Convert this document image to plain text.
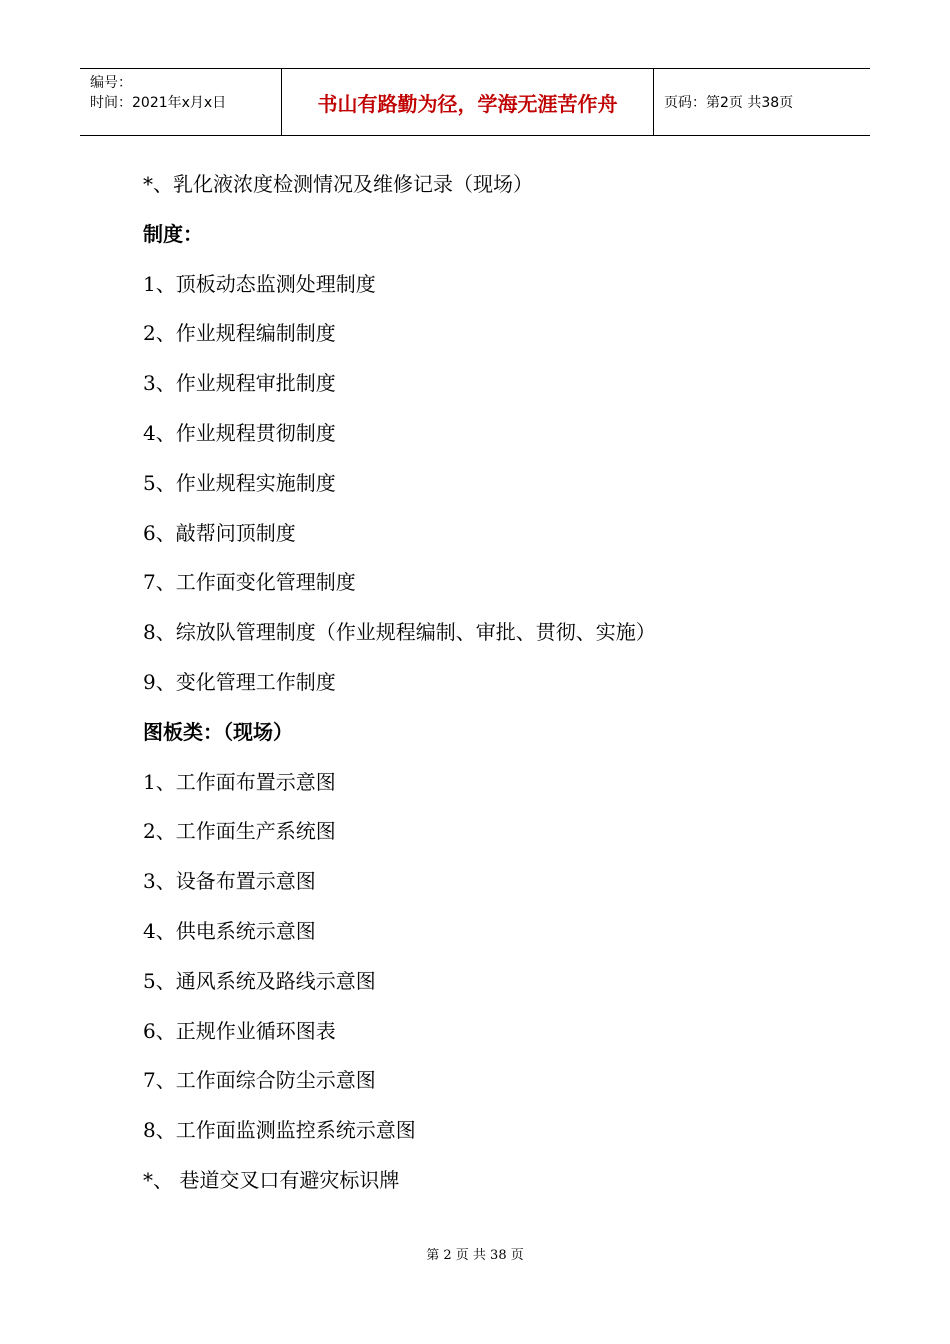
编号：
时间：2021年x月x日	书山有路勤为径，学海无涯苦作舟	页码：第2页 共38页
*、乳化液浓度检测情况及维修记录（现场）
制度：
1、顶板动态监测处理制度
2、作业规程编制制度
3、作业规程审批制度
4、作业规程贯彻制度
5、作业规程实施制度
6、敲帮问顶制度
7、工作面变化管理制度
8、综放队管理制度（作业规程编制、审批、贯彻、实施）
9、变化管理工作制度
图板类：（现场）
1、工作面布置示意图
2、工作面生产系统图
3、设备布置示意图
4、供电系统示意图
5、通风系统及路线示意图
6、正规作业循环图表
7、工作面综合防尘示意图
8、工作面监测监控系统示意图
*、 巷道交叉口有避灾标识牌
第 2 页 共 38 页
